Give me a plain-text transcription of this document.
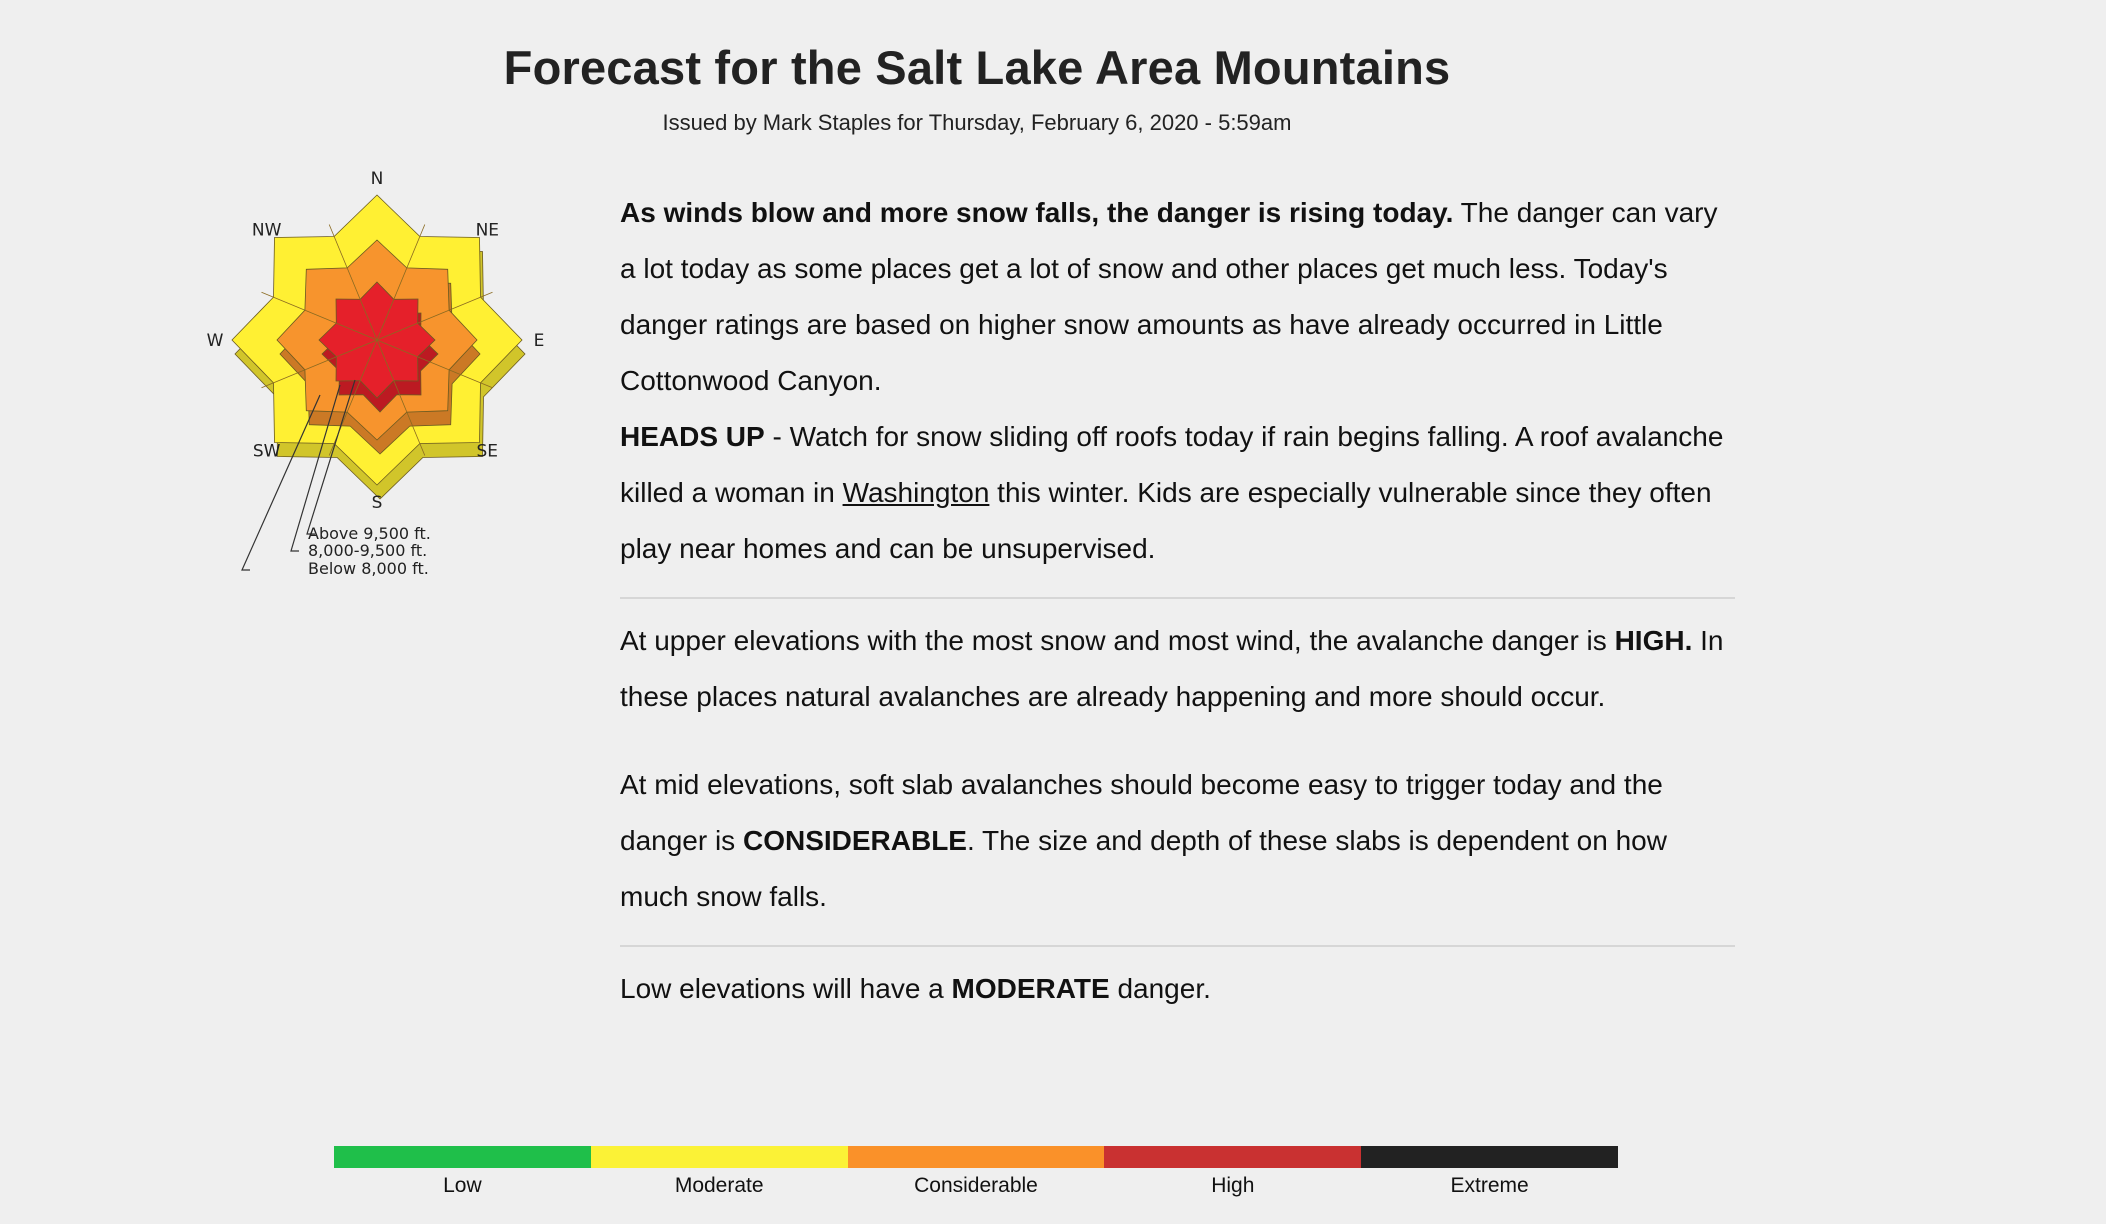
Forecast for the Salt Lake Area Mountains
Issued by Mark Staples for Thursday, February 6, 2020 - 5:59am
N
NE
E
SE
S
SW
W
NW
Above 9,500 ft.
8,000-9,500 ft.
Below 8,000 ft.

As winds blow and more snow falls, the danger is rising today. The danger can vary a lot today as some places get a lot of snow and other places get much less. Today's danger ratings are based on higher snow amounts as have already occurred in Little Cottonwood Canyon.

HEADS UP - Watch for snow sliding off roofs today if rain begins falling. A roof avalanche killed a woman in Washington this winter. Kids are especially vulnerable since they often play near homes and can be unsupervised.

At upper elevations with the most snow and most wind, the avalanche danger is HIGH. In these places natural avalanches are already happening and more should occur.

At mid elevations, soft slab avalanches should become easy to trigger today and the danger is CONSIDERABLE. The size and depth of these slabs is dependent on how much snow falls.

Low elevations will have a MODERATE danger.

Low	Moderate	Considerable	High	Extreme
